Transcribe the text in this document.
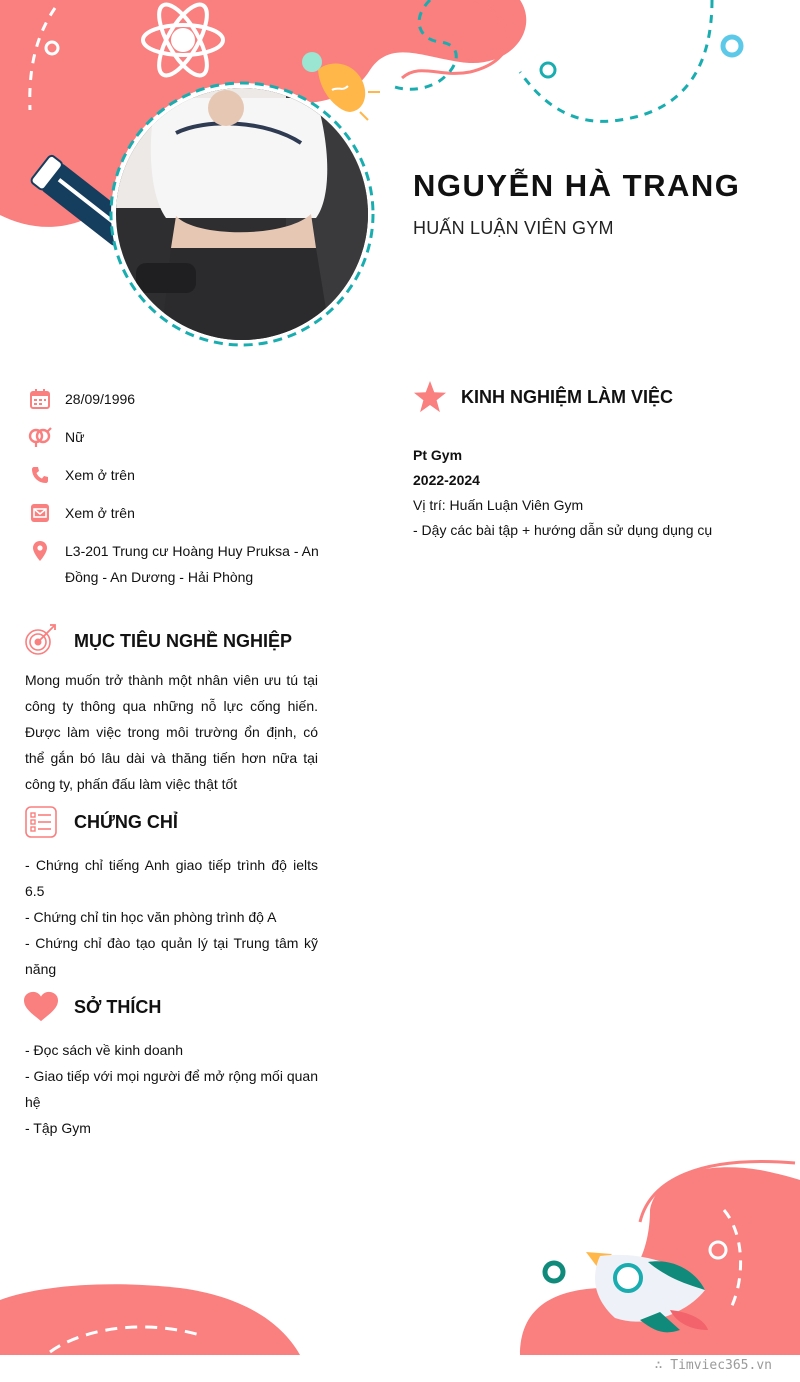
NGUYỄN HÀ TRANG
HUẤN LUẬN VIÊN GYM
28/09/1996
Nữ
Xem ở trên
Xem ở trên
L3-201 Trung cư Hoàng Huy Pruksa - An Đồng - An Dương - Hải Phòng
MỤC TIÊU NGHỀ NGHIỆP
Mong muốn trở thành một nhân viên ưu tú tại công ty thông qua những nỗ lực cống hiến. Được làm việc trong môi trường ổn định, có thể gắn bó lâu dài và thăng tiến hơn nữa tại công ty, phấn đấu làm việc thật tốt
CHỨNG CHỈ
- Chứng chỉ tiếng Anh giao tiếp trình độ ielts 6.5
- Chứng chỉ tin học văn phòng trình độ A
- Chứng chỉ đào tạo quản lý tại Trung tâm kỹ năng
SỞ THÍCH
- Đọc sách về kinh doanh
- Giao tiếp với mọi người để mở rộng mối quan hệ
- Tập Gym
KINH NGHIỆM LÀM VIỆC
Pt Gym
2022-2024
Vị trí: Huấn Luận Viên Gym
- Dậy các bài tập + hướng dẫn sử dụng dụng cụ
∴ Timviec365.vn
